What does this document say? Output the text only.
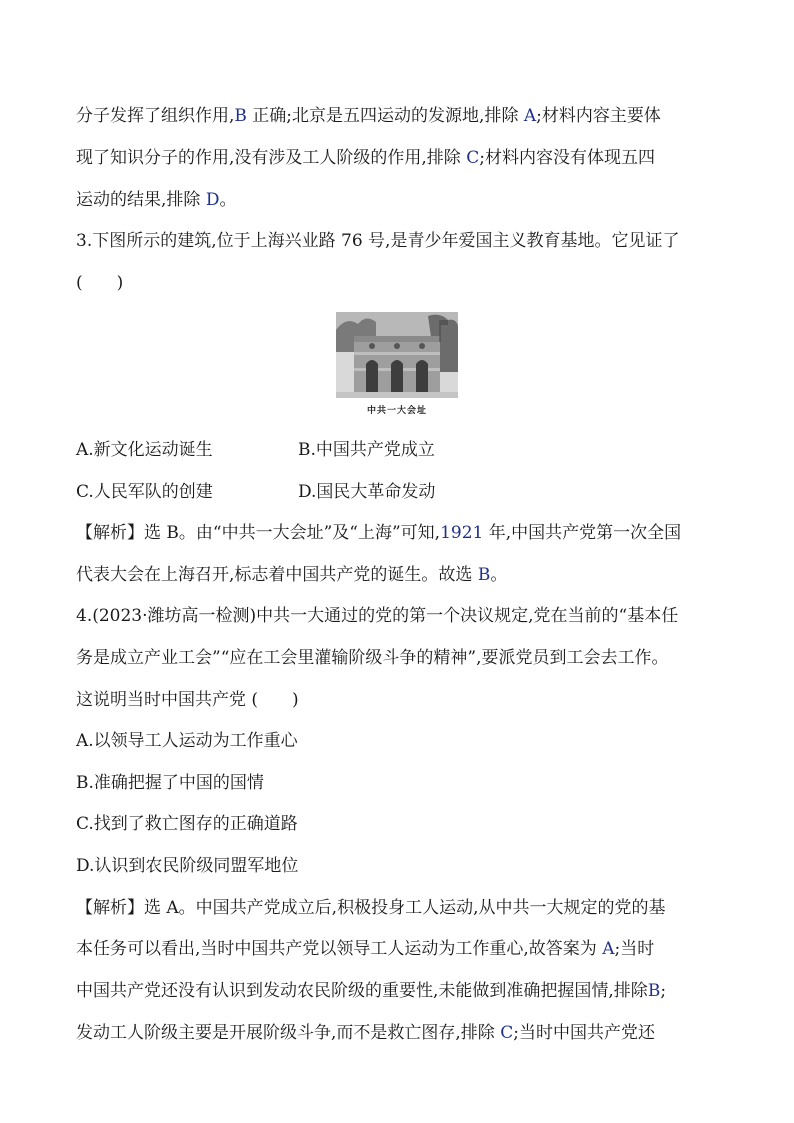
分子发挥了组织作用,B 正确;北京是五四运动的发源地,排除 A;材料内容主要体
现了知识分子的作用,没有涉及工人阶级的作用,排除 C;材料内容没有体现五四
运动的结果,排除 D。
3.下图所示的建筑,位于上海兴业路 76 号,是青少年爱国主义教育基地。它见证了
(　　)
中共一大会址
A.新文化运动诞生	B.中国共产党成立
C.人民军队的创建	D.国民大革命发动
【解析】选 B。由“中共一大会址”及“上海”可知,1921 年,中国共产党第一次全国
代表大会在上海召开,标志着中国共产党的诞生。故选 B。
4.(2023·潍坊高一检测)中共一大通过的党的第一个决议规定,党在当前的“基本任
务是成立产业工会”“应在工会里灌输阶级斗争的精神”,要派党员到工会去工作。
这说明当时中国共产党 (　　)
A.以领导工人运动为工作重心
B.准确把握了中国的国情
C.找到了救亡图存的正确道路
D.认识到农民阶级同盟军地位
【解析】选 A。中国共产党成立后,积极投身工人运动,从中共一大规定的党的基
本任务可以看出,当时中国共产党以领导工人运动为工作重心,故答案为 A;当时
中国共产党还没有认识到发动农民阶级的重要性,未能做到准确把握国情,排除B;
发动工人阶级主要是开展阶级斗争,而不是救亡图存,排除 C;当时中国共产党还
